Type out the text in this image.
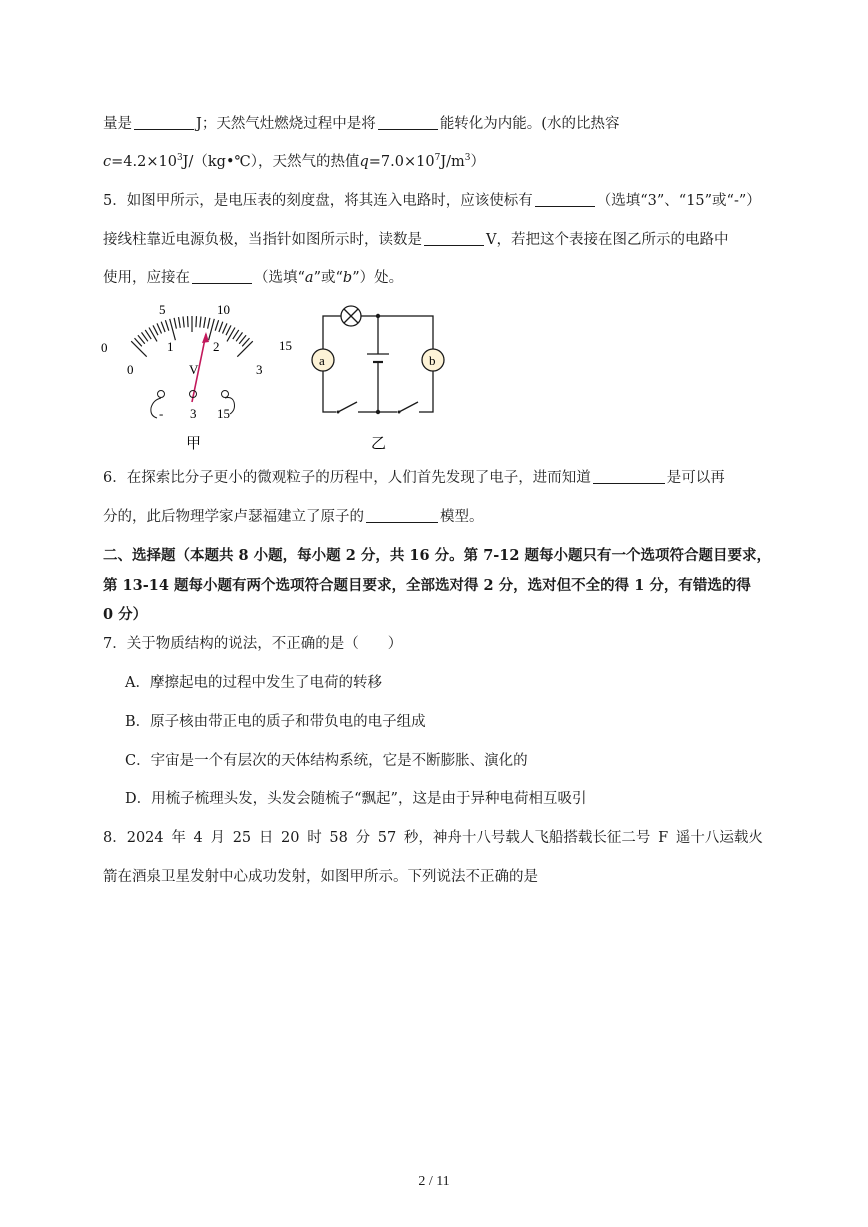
量是	J；天然气灶燃烧过程中是将	能转化为内能。(水的比热容
$c=4.2\times 10^3J/(kg•℃)$，天然气的热值$q=7.0\times 10^7J/m^3$）
5．如图甲所示，是电压表的刻度盘，将其连入电路时，应该使标有	（选填“3”、“15”或“-”）
接线柱靠近电源负极，当指针如图所示时，读数是	V，若把这个表接在图乙所示的电路中
使用，应接在	（选填“a”或“b”）处。
0
5	10
15
0
1	2
3
V
- 3 15
甲
a	b
乙
6．在探索比分子更小的微观粒子的历程中，人们首先发现了电子，进而知道	是可以再
分的，此后物理学家卢瑟福建立了原子的	模型。
二、选择题（本题共 8 小题，每小题 2 分，共 16 分。第 7-12 题每小题只有一个选项符合题目要求，
第 13-14 题每小题有两个选项符合题目要求，全部选对得 2 分，选对但不全的得 1 分，有错选的得
0 分）
7．关于物质结构的说法，不正确的是（　　）
A．摩擦起电的过程中发生了电荷的转移
B．原子核由带正电的质子和带负电的电子组成
C．宇宙是一个有层次的天体结构系统，它是不断膨胀、演化的
D．用梳子梳理头发，头发会随梳子“飘起”，这是由于异种电荷相互吸引
8．2024 年 4 月 25 日 20 时 58 分 57 秒，神舟十八号载人飞船搭载长征二号 F 遥十八运载火
箭在酒泉卫星发射中心成功发射，如图甲所示。下列说法不正确的是
2 / 11
